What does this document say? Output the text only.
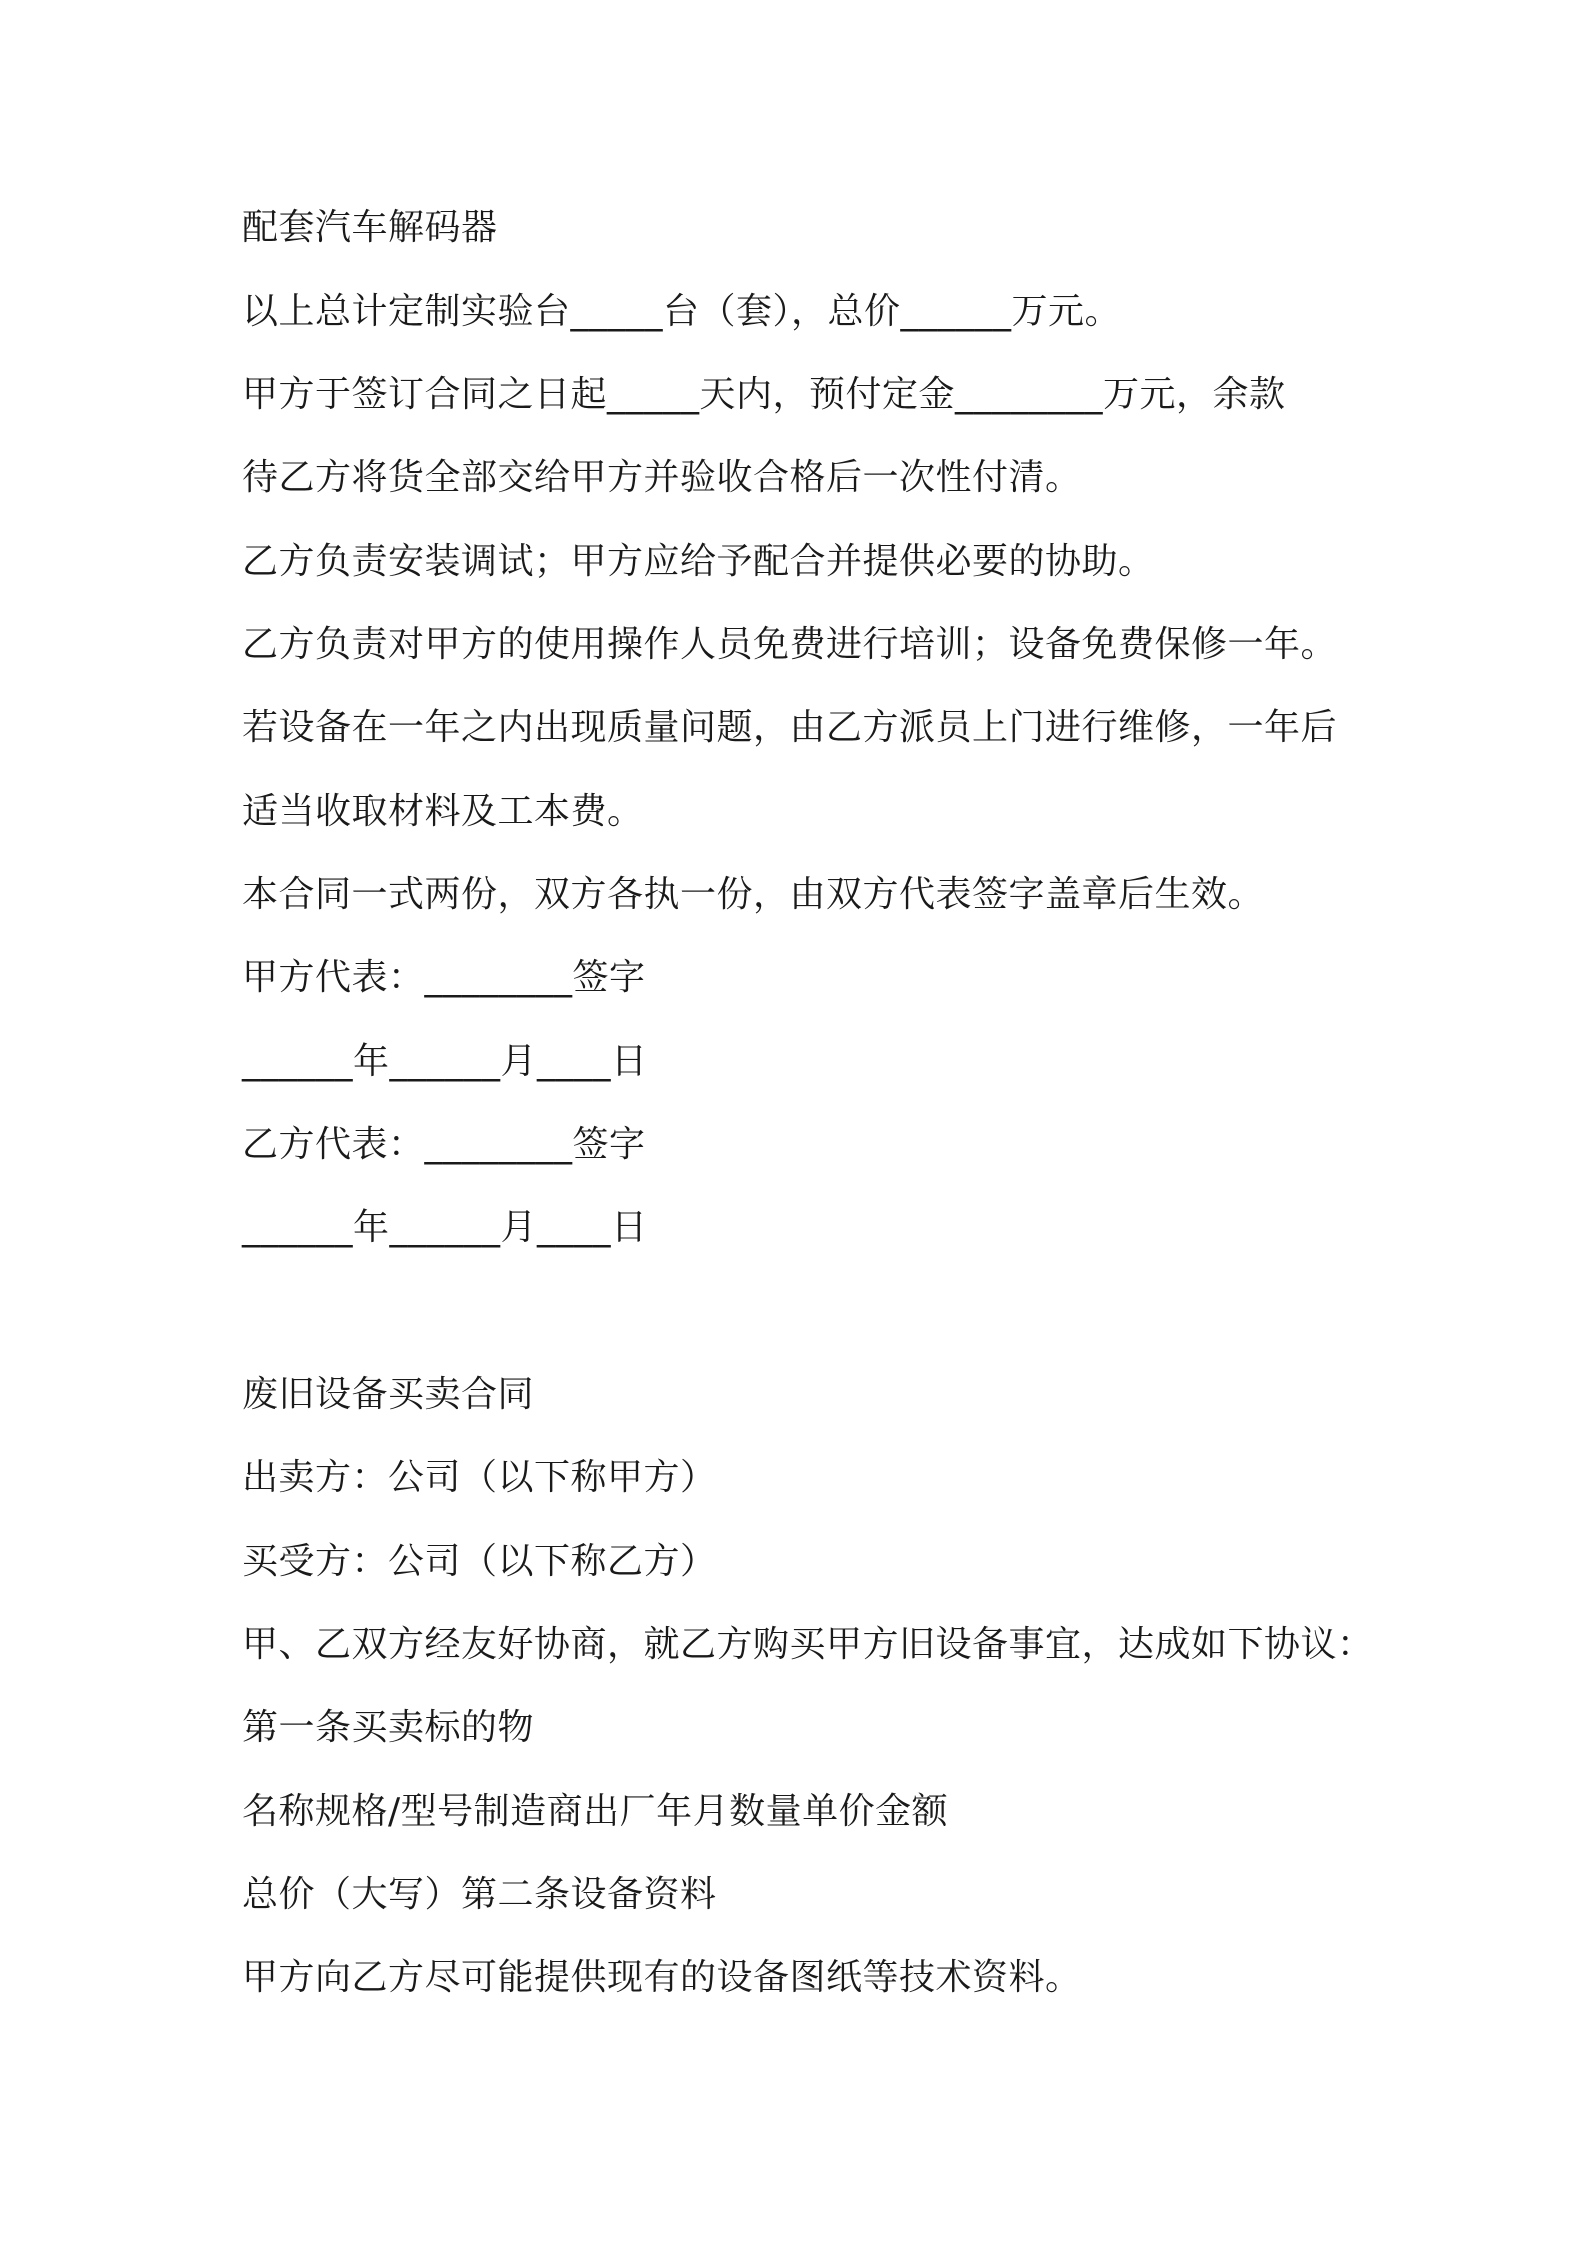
配套汽车解码器
以上总计定制实验台_____台（套），总价______万元。
甲方于签订合同之日起_____天内，预付定金________万元，余款
待乙方将货全部交给甲方并验收合格后一次性付清。
乙方负责安装调试；甲方应给予配合并提供必要的协助。
乙方负责对甲方的使用操作人员免费进行培训；设备免费保修一年。
若设备在一年之内出现质量问题，由乙方派员上门进行维修，一年后
适当收取材料及工本费。
本合同一式两份，双方各执一份，由双方代表签字盖章后生效。
甲方代表：________签字
______年______月____日
乙方代表：________签字
______年______月____日
废旧设备买卖合同
出卖方：公司（以下称甲方）
买受方：公司（以下称乙方）
甲、乙双方经友好协商，就乙方购买甲方旧设备事宜，达成如下协议：
第一条买卖标的物
名称规格/型号制造商出厂年月数量单价金额
总价（大写）第二条设备资料
甲方向乙方尽可能提供现有的设备图纸等技术资料。
